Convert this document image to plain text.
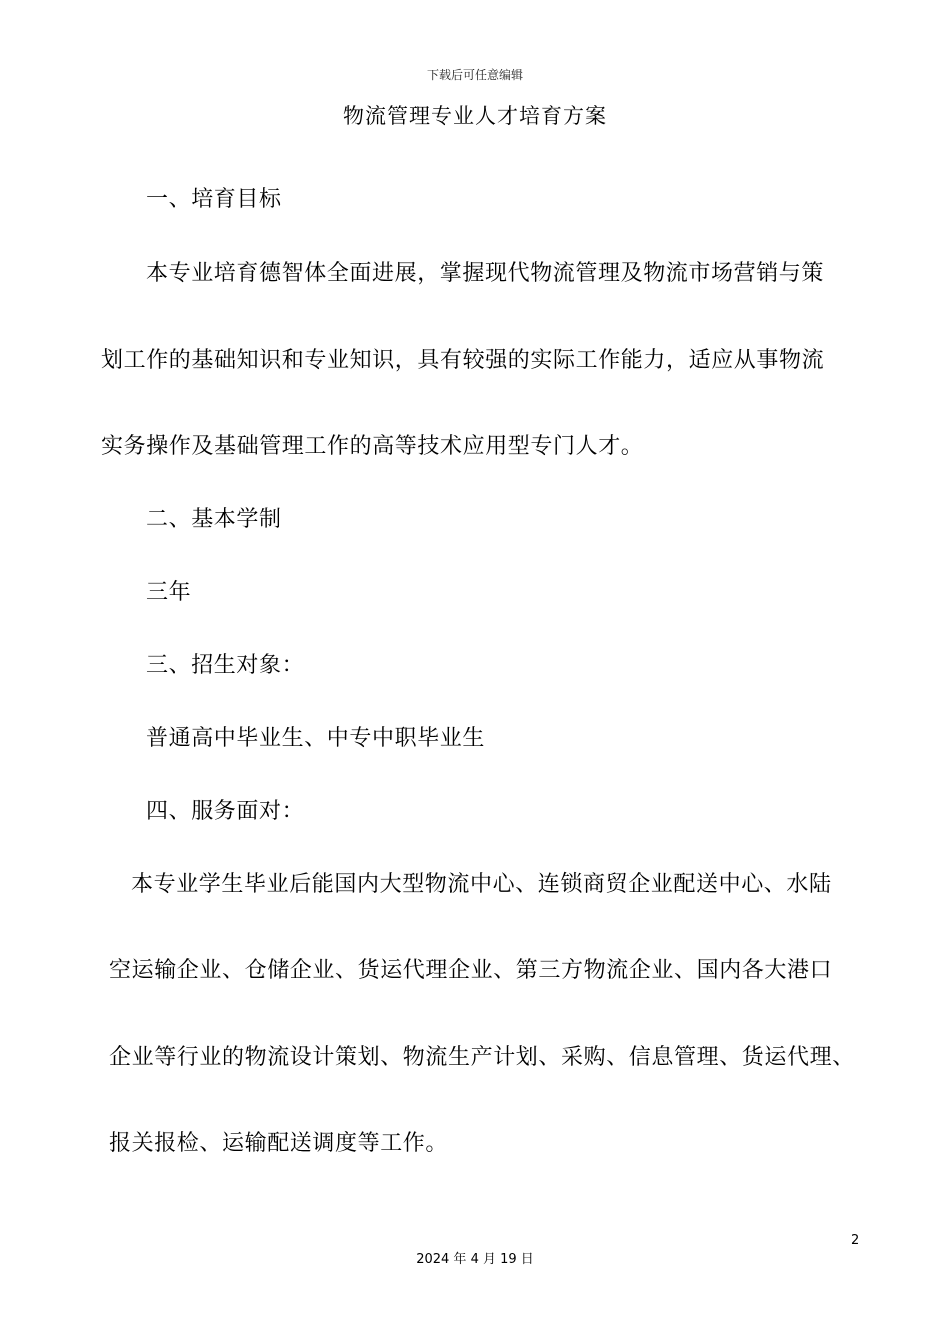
下载后可任意编辑

物流管理专业人才培育方案

一、培育目标

本专业培育德智体全面进展，掌握现代物流管理及物流市场营销与策

划工作的基础知识和专业知识，具有较强的实际工作能力，适应从事物流

实务操作及基础管理工作的高等技术应用型专门人才。

二、基本学制

三年

三、招生对象：

普通高中毕业生、中专中职毕业生

四、服务面对：

本专业学生毕业后能国内大型物流中心、连锁商贸企业配送中心、水陆

空运输企业、仓储企业、货运代理企业、第三方物流企业、国内各大港口

企业等行业的物流设计策划、物流生产计划、采购、信息管理、货运代理、

报关报检、运输配送调度等工作。

2

2024 年 4 月 19 日
